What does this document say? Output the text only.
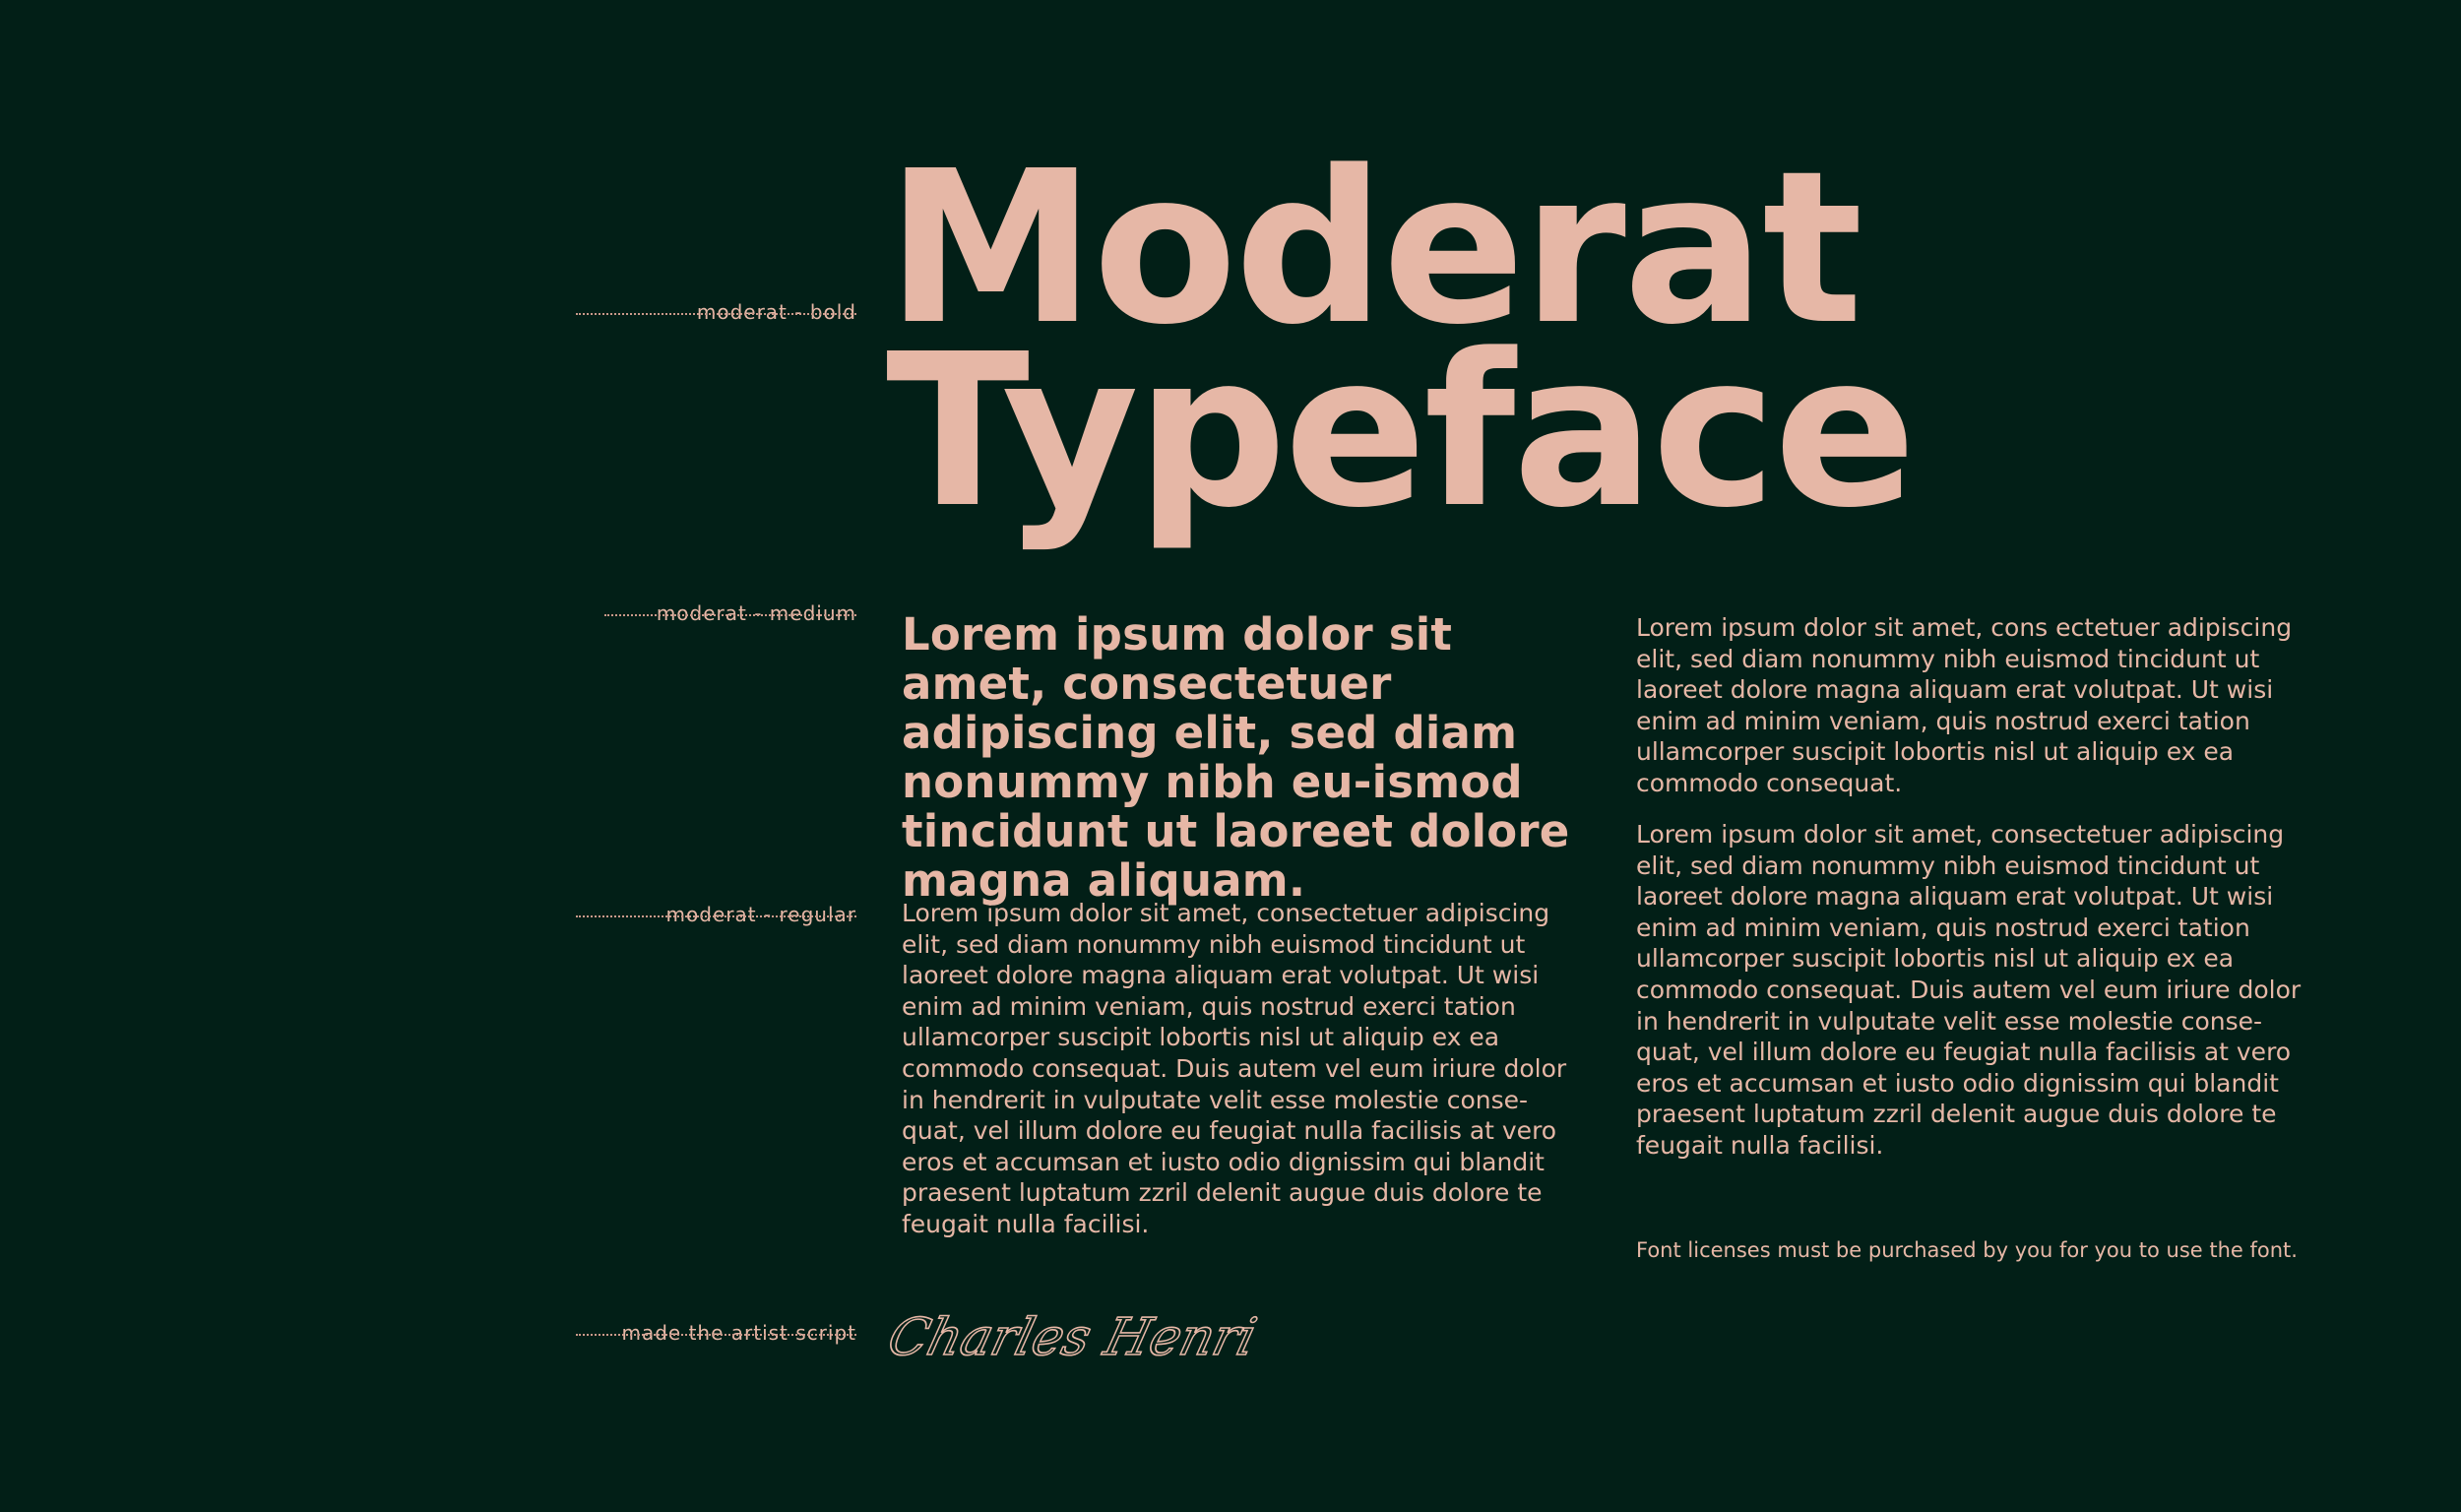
moderat - bold
moderat - medium
moderat - regular
made the artist script
Moderat
Typeface

Lorem ipsum dolor sit amet, consectetuer adipiscing elit, sed diam nonummy nibh eu-ismod tincidunt ut laoreet dolore magna aliquam.

Lorem ipsum dolor sit amet, consectetuer adipiscing elit, sed diam nonummy nibh euismod tincidunt ut laoreet dolore magna aliquam erat volutpat. Ut wisi enim ad minim veniam, quis nostrud exerci tation ullamcorper suscipit lobortis nisl ut aliquip ex ea commodo consequat. Duis autem vel eum iriure dolor in hendrerit in vulputate velit esse molestie conse-quat, vel illum dolore eu feugiat nulla facilisis at vero eros et accumsan et iusto odio dignissim qui blandit praesent luptatum zzril delenit augue duis dolore te feugait nulla facilisi.

Lorem ipsum dolor sit amet, cons ectetuer adipiscing elit, sed diam nonummy nibh euismod tincidunt ut laoreet dolore magna aliquam erat volutpat. Ut wisi enim ad minim veniam, quis nostrud exerci tation ullamcorper suscipit lobortis nisl ut aliquip ex ea commodo consequat.

Lorem ipsum dolor sit amet, consectetuer adipiscing elit, sed diam nonummy nibh euismod tincidunt ut laoreet dolore magna aliquam erat volutpat. Ut wisi enim ad minim veniam, quis nostrud exerci tation ullamcorper suscipit lobortis nisl ut aliquip ex ea commodo consequat. Duis autem vel eum iriure dolor in hendrerit in vulputate velit esse molestie conse-quat, vel illum dolore eu feugiat nulla facilisis at vero eros et accumsan et iusto odio dignissim qui blandit praesent luptatum zzril delenit augue duis dolore te feugait nulla facilisi.

Font licenses must be purchased by you for you to use the font.

Charles Henri
